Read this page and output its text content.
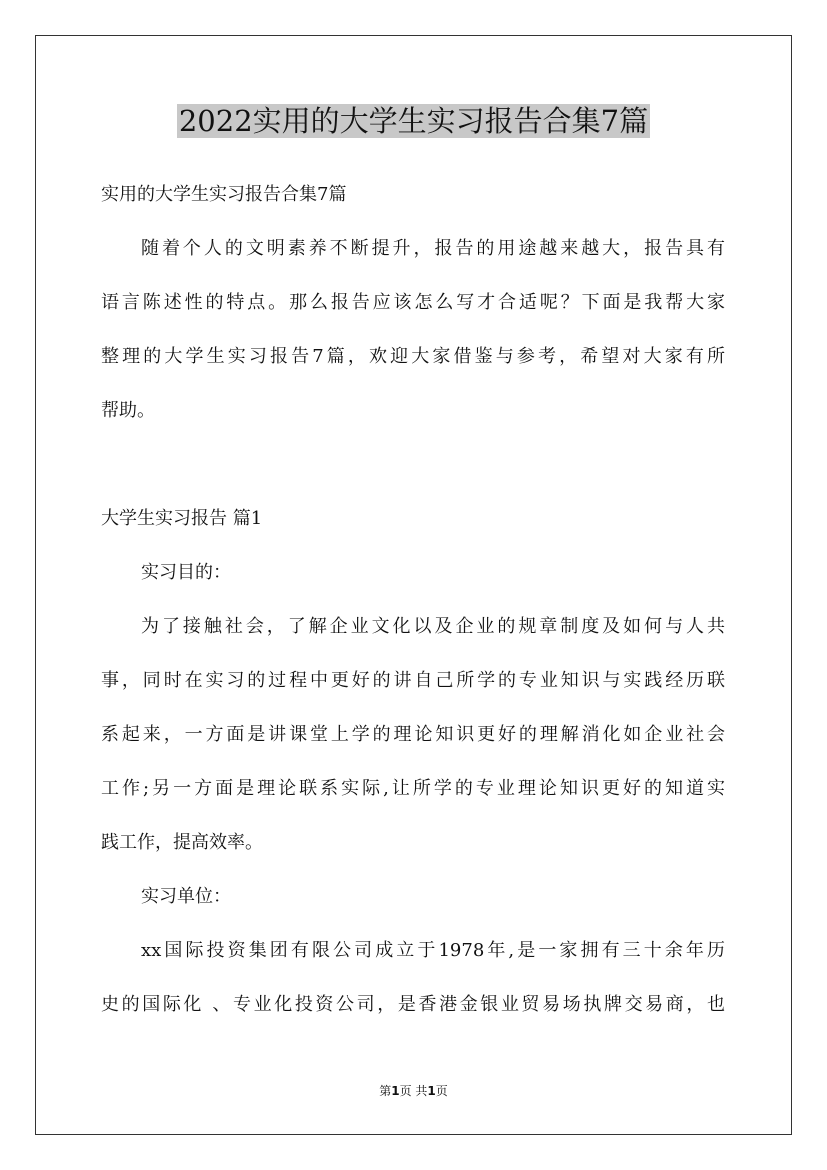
2022实用的大学生实习报告合集7篇

实用的大学生实习报告合集7篇

随着个人的文明素养不断提升，报告的用途越来越大，报告具有

语言陈述性的特点。那么报告应该怎么写才合适呢？下面是我帮大家

整理的大学生实习报告7篇，欢迎大家借鉴与参考，希望对大家有所

帮助。

大学生实习报告 篇1

实习目的：

为了接触社会，了解企业文化以及企业的规章制度及如何与人共

事，同时在实习的过程中更好的讲自己所学的专业知识与实践经历联

系起来，一方面是讲课堂上学的理论知识更好的理解消化如企业社会

工作;另一方面是理论联系实际,让所学的专业理论知识更好的知道实

践工作，提高效率。

实习单位：

xx国际投资集团有限公司成立于1978年,是一家拥有三十余年历

史的国际化 、专业化投资公司，是香港金银业贸易场执牌交易商，也

第1页 共1页
